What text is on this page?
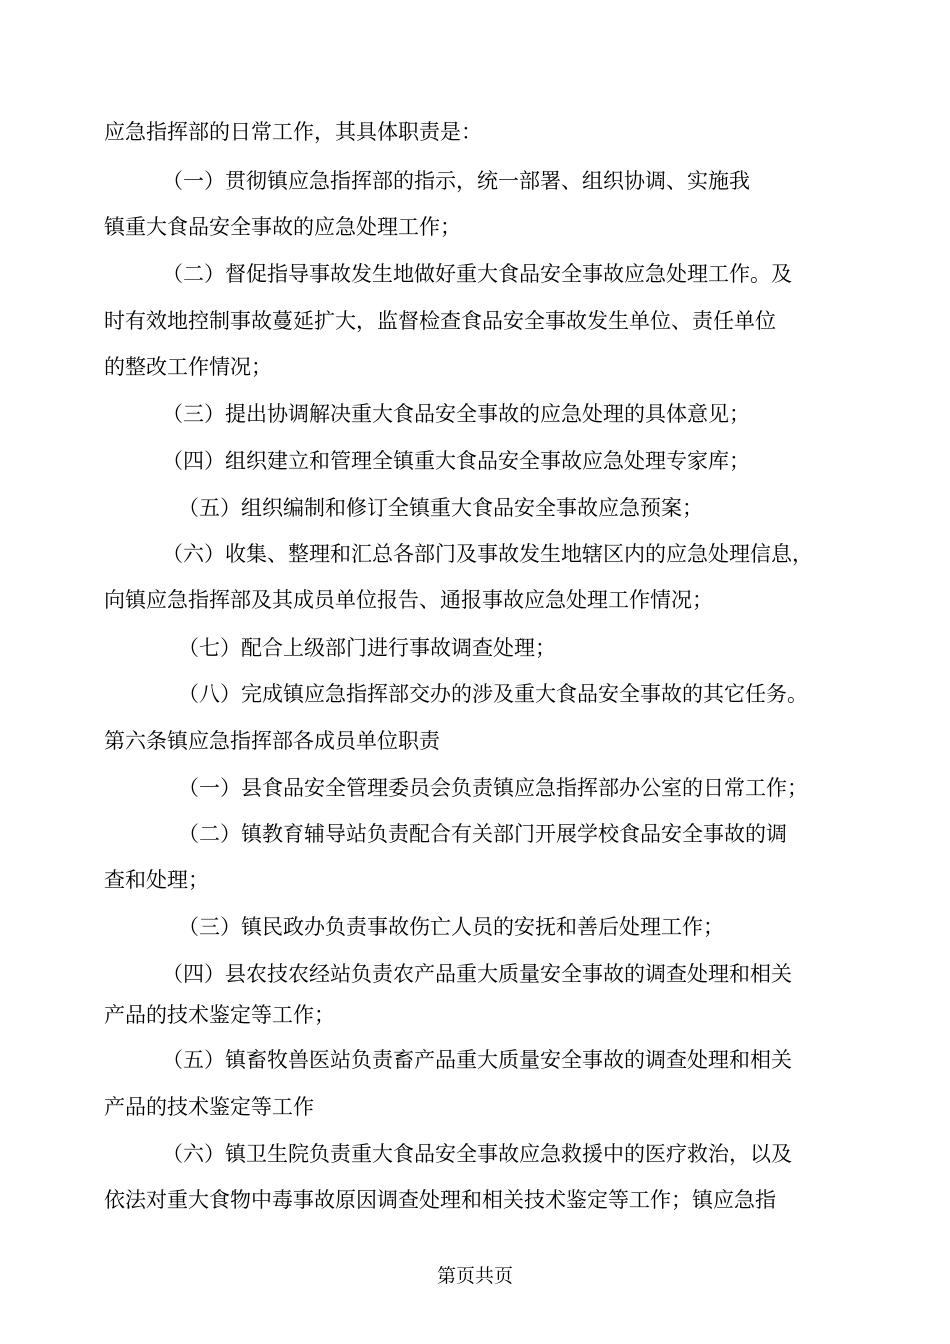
应急指挥部的日常工作，其具体职责是：
（一）贯彻镇应急指挥部的指示，统一部署、组织协调、实施我
镇重大食品安全事故的应急处理工作；
（二）督促指导事故发生地做好重大食品安全事故应急处理工作。及
时有效地控制事故蔓延扩大，监督检查食品安全事故发生单位、责任单位
的整改工作情况；
（三）提出协调解决重大食品安全事故的应急处理的具体意见；
（四）组织建立和管理全镇重大食品安全事故应急处理专家库；
（五）组织编制和修订全镇重大食品安全事故应急预案；
（六）收集、整理和汇总各部门及事故发生地辖区内的应急处理信息，
向镇应急指挥部及其成员单位报告、通报事故应急处理工作情况；
（七）配合上级部门进行事故调查处理；
（八）完成镇应急指挥部交办的涉及重大食品安全事故的其它任务。
第六条镇应急指挥部各成员单位职责
（一）县食品安全管理委员会负责镇应急指挥部办公室的日常工作；
（二）镇教育辅导站负责配合有关部门开展学校食品安全事故的调
查和处理；
（三）镇民政办负责事故伤亡人员的安抚和善后处理工作；
（四）县农技农经站负责农产品重大质量安全事故的调查处理和相关
产品的技术鉴定等工作；
（五）镇畜牧兽医站负责畜产品重大质量安全事故的调查处理和相关
产品的技术鉴定等工作
（六）镇卫生院负责重大食品安全事故应急救援中的医疗救治，以及
依法对重大食物中毒事故原因调查处理和相关技术鉴定等工作；镇应急指
第页共页
